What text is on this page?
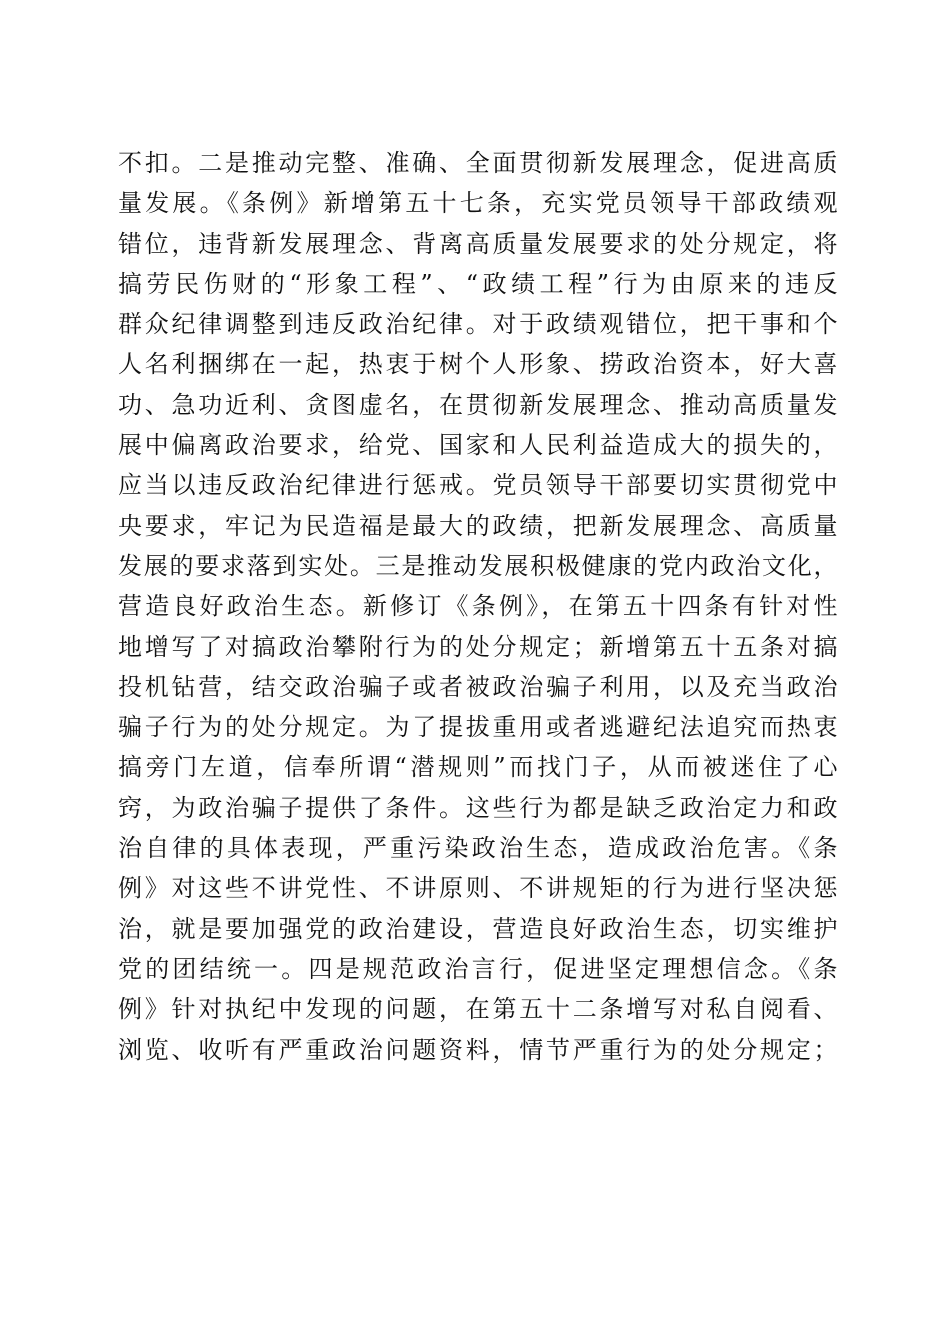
不扣。二是推动完整、准确、全面贯彻新发展理念，促进高质
量发展。《条例》新增第五十七条，充实党员领导干部政绩观
错位，违背新发展理念、背离高质量发展要求的处分规定，将
搞劳民伤财的“形象工程”、“政绩工程”行为由原来的违反
群众纪律调整到违反政治纪律。对于政绩观错位，把干事和个
人名利捆绑在一起，热衷于树个人形象、捞政治资本，好大喜
功、急功近利、贪图虚名，在贯彻新发展理念、推动高质量发
展中偏离政治要求，给党、国家和人民利益造成大的损失的，
应当以违反政治纪律进行惩戒。党员领导干部要切实贯彻党中
央要求，牢记为民造福是最大的政绩，把新发展理念、高质量
发展的要求落到实处。三是推动发展积极健康的党内政治文化，
营造良好政治生态。新修订《条例》，在第五十四条有针对性
地增写了对搞政治攀附行为的处分规定；新增第五十五条对搞
投机钻营，结交政治骗子或者被政治骗子利用，以及充当政治
骗子行为的处分规定。为了提拔重用或者逃避纪法追究而热衷
搞旁门左道，信奉所谓“潜规则”而找门子，从而被迷住了心
窍，为政治骗子提供了条件。这些行为都是缺乏政治定力和政
治自律的具体表现，严重污染政治生态，造成政治危害。《条
例》对这些不讲党性、不讲原则、不讲规矩的行为进行坚决惩
治，就是要加强党的政治建设，营造良好政治生态，切实维护
党的团结统一。四是规范政治言行，促进坚定理想信念。《条
例》针对执纪中发现的问题，在第五十二条增写对私自阅看、
浏览、收听有严重政治问题资料，情节严重行为的处分规定；
